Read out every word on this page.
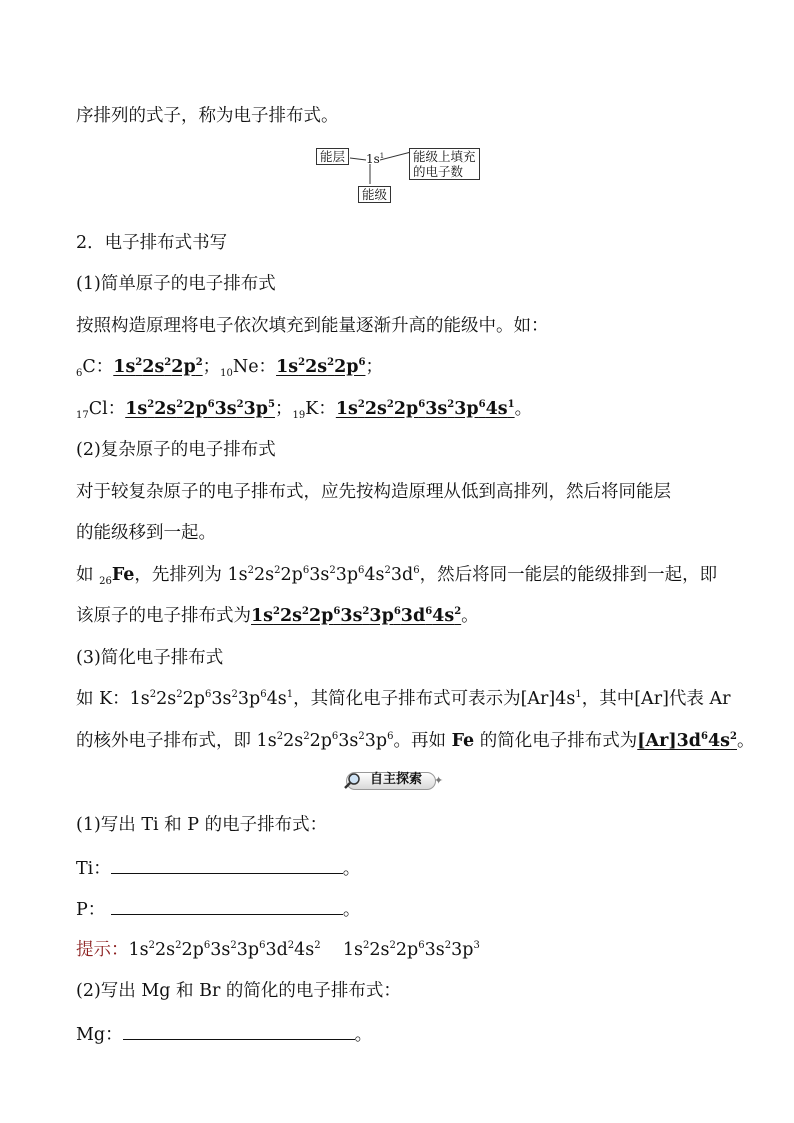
序排列的式子，称为电子排布式。
能层	$1s^1$ 能级上填充
的电子数
能级
2．电子排布式书写
(1)简单原子的电子排布式
按照构造原理将电子依次填充到能量逐渐升高的能级中。如：
$_6$C：$1s^22s^22p^2$；$_{10}$Ne：$1s^22s^22p^6$；
$_{17}$Cl：$1s^22s^22p^63s^23p^5$；$_{19}$K：$1s^22s^22p^63s^23p^64s^1$。
(2)复杂原子的电子排布式
对于较复杂原子的电子排布式，应先按构造原理从低到高排列，然后将同能层
的能级移到一起。
如 $_{26}$Fe，先排列为 $1s^22s^22p^63s^23p^64s^23d^6$，然后将同一能层的能级排到一起，即
该原子的电子排布式为$1s^22s^22p^63s^23p^63d^64s^2$。
(3)简化电子排布式
如 K：$1s^22s^22p^63s^23p^64s^1$，其简化电子排布式可表示为$[Ar]4s^1$，其中[Ar]代表 Ar
的核外电子排布式，即 $1s^22s^22p^63s^23p^6$。再如 Fe 的简化电子排布式为$[Ar]3d^64s^2$。
自主探索 ✦
(1)写出 Ti 和 P 的电子排布式：
Ti：	。
P：	。
提示：$1s^22s^22p^63s^23p^63d^24s^2$    $1s^22s^22p^63s^23p^3$
(2)写出 Mg 和 Br 的简化的电子排布式：
Mg：	。
